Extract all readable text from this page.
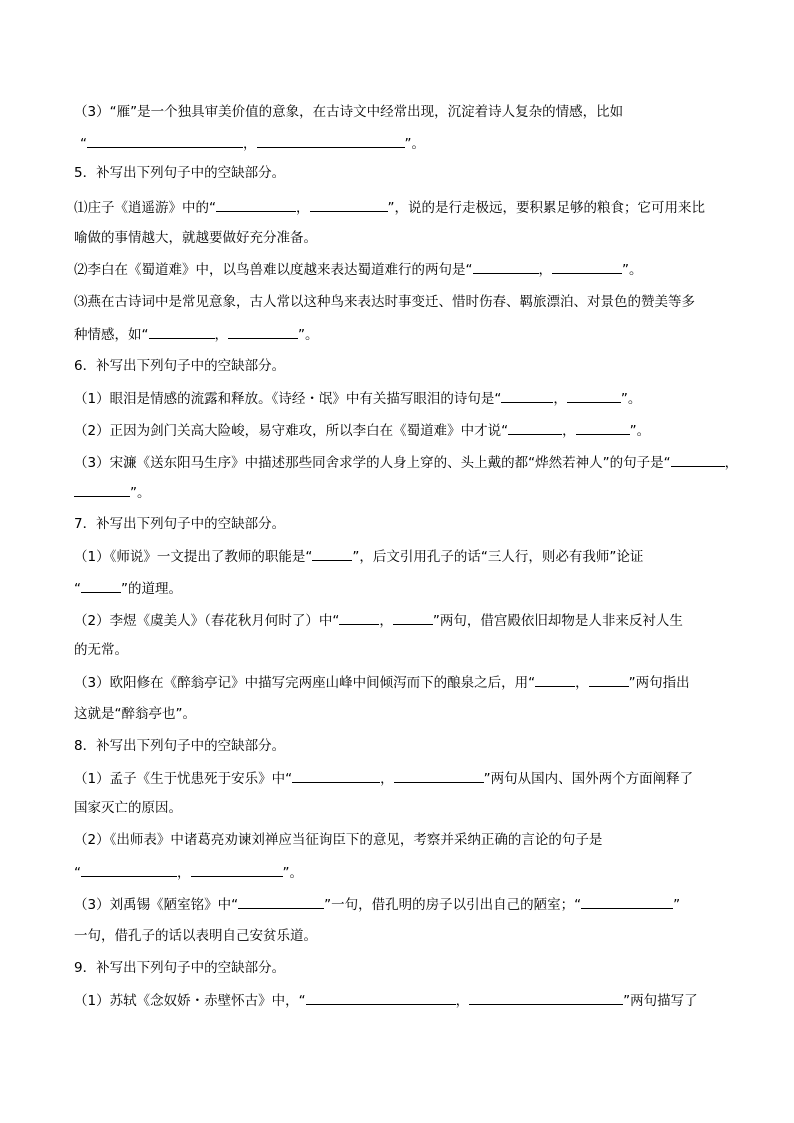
（3）“雁”是一个独具审美价值的意象，在古诗文中经常出现，沉淀着诗人复杂的情感，比如
“	，	”。
5．补写出下列句子中的空缺部分。
⑴庄子《逍遥游》中的“	，	”，说的是行走极远，要积累足够的粮食；它可用来比
喻做的事情越大，就越要做好充分准备。
⑵李白在《蜀道难》中，以鸟兽难以度越来表达蜀道难行的两句是“	，	”。
⑶燕在古诗词中是常见意象，古人常以这种鸟来表达时事变迁、惜时伤春、羁旅漂泊、对景色的赞美等多
种情感，如“	，	”。
6．补写出下列句子中的空缺部分。
（1）眼泪是情感的流露和释放。《诗经・氓》中有关描写眼泪的诗句是“	，	”。
（2）正因为剑门关高大险峻，易守难攻，所以李白在《蜀道难》中才说“	，	”。
（3）宋濂《送东阳马生序》中描述那些同舍求学的人身上穿的、头上戴的都“烨然若神人”的句子是“	，
”。
7．补写出下列句子中的空缺部分。
（1）《师说》一文提出了教师的职能是“	”，后文引用孔子的话“三人行，则必有我师”论证
“	”的道理。
（2）李煜《虞美人》（春花秋月何时了）中“	，	”两句，借宫殿依旧却物是人非来反衬人生
的无常。
（3）欧阳修在《醉翁亭记》中描写完两座山峰中间倾泻而下的酿泉之后，用“	，	”两句指出
这就是“醉翁亭也”。
8．补写出下列句子中的空缺部分。
（1）孟子《生于忧患死于安乐》中“	，	”两句从国内、国外两个方面阐释了
国家灭亡的原因。
（2）《出师表》中诸葛亮劝谏刘禅应当征询臣下的意见，考察并采纳正确的言论的句子是
“	，	”。
（3）刘禹锡《陋室铭》中“	”一句，借孔明的房子以引出自己的陋室；“	”
一句，借孔子的话以表明自己安贫乐道。
9．补写出下列句子中的空缺部分。
（1）苏轼《念奴娇・赤壁怀古》中，“	，	”两句描写了
